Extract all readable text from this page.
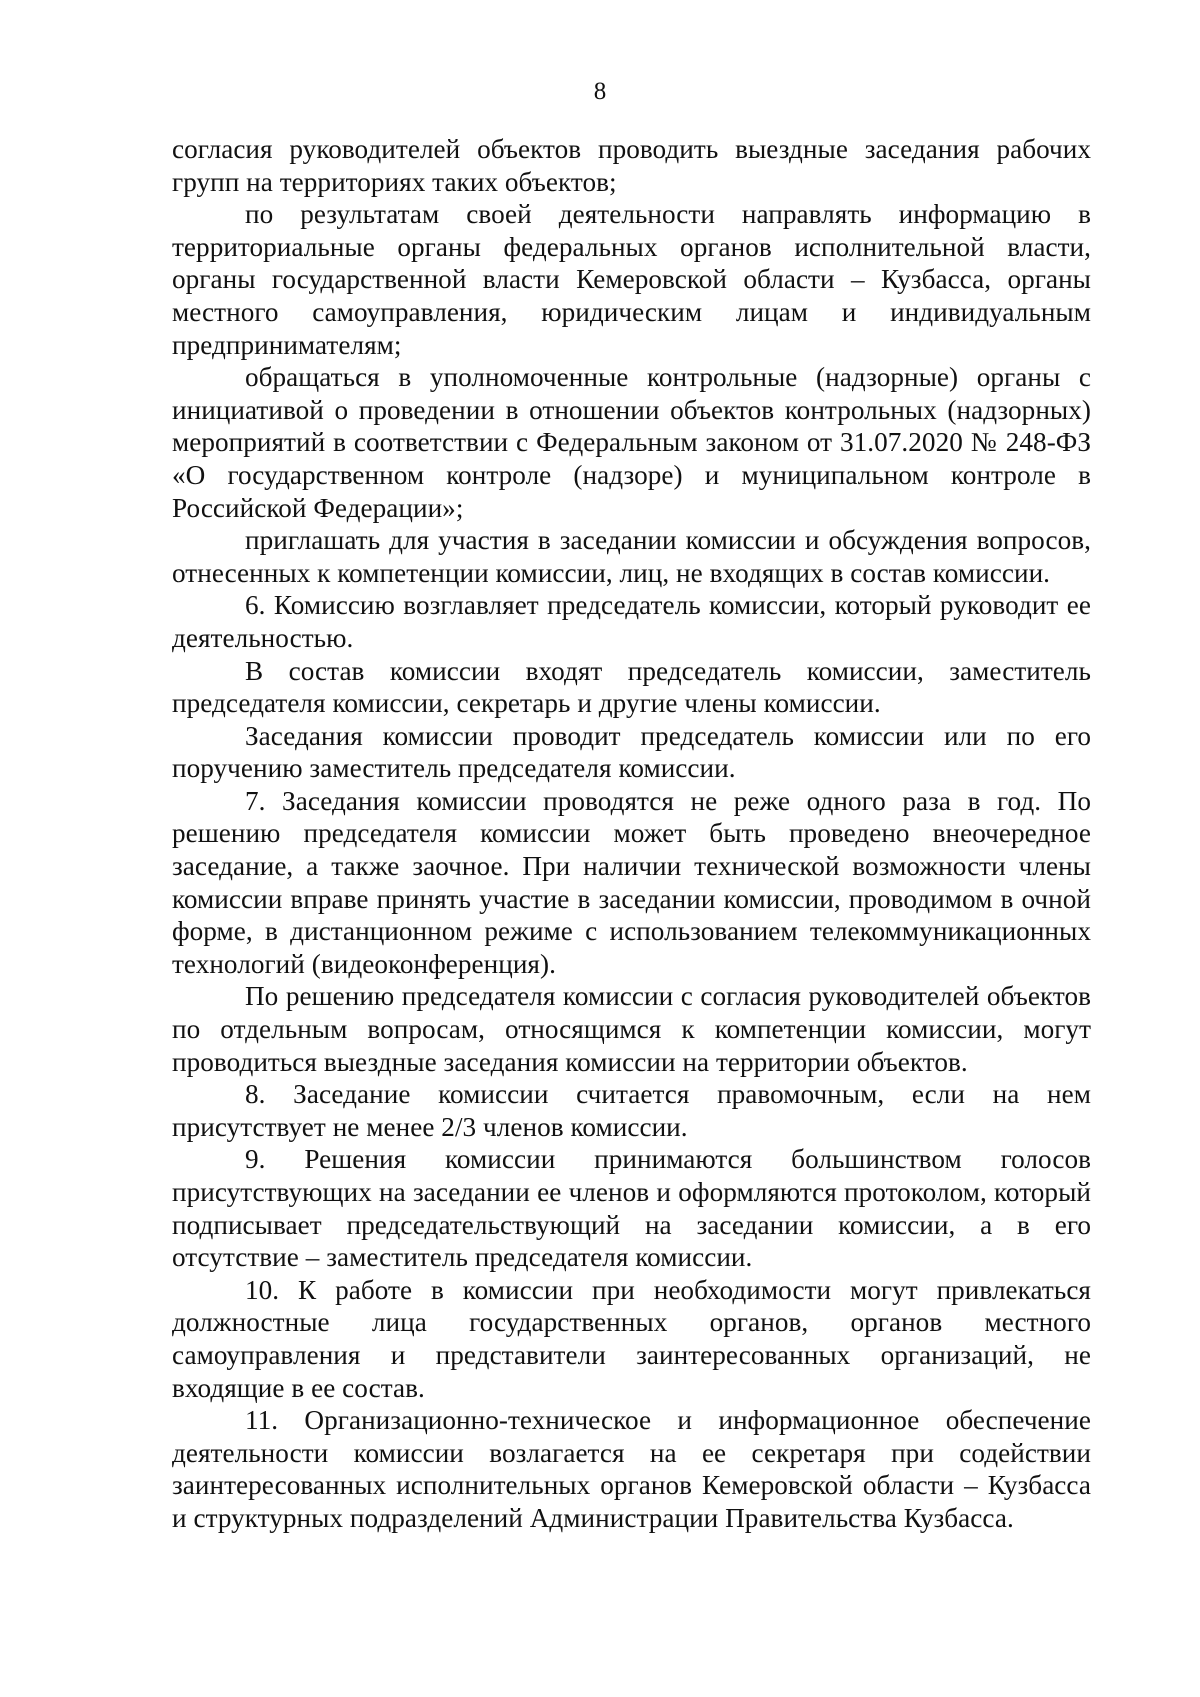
8

согласия руководителей объектов проводить выездные заседания рабочих групп на территориях таких объектов;

по результатам своей деятельности направлять информацию в территориальные органы федеральных органов исполнительной власти, органы государственной власти Кемеровской области – Кузбасса, органы местного самоуправления, юридическим лицам и индивидуальным предпринимателям;

обращаться в уполномоченные контрольные (надзорные) органы с инициативой о проведении в отношении объектов контрольных (надзорных) мероприятий в соответствии с Федеральным законом от 31.07.2020 № 248-ФЗ «О государственном контроле (надзоре) и муниципальном контроле в Российской Федерации»;

приглашать для участия в заседании комиссии и обсуждения вопросов, отнесенных к компетенции комиссии, лиц, не входящих в состав комиссии.

6. Комиссию возглавляет председатель комиссии, который руководит ее деятельностью.

В состав комиссии входят председатель комиссии, заместитель председателя комиссии, секретарь и другие члены комиссии.

Заседания комиссии проводит председатель комиссии или по его поручению заместитель председателя комиссии.

7. Заседания комиссии проводятся не реже одного раза в год. По решению председателя комиссии может быть проведено внеочередное заседание, а также заочное. При наличии технической возможности члены комиссии вправе принять участие в заседании комиссии, проводимом в очной форме, в дистанционном режиме с использованием телекоммуникационных технологий (видеоконференция).

По решению председателя комиссии с согласия руководителей объектов по отдельным вопросам, относящимся к компетенции комиссии, могут проводиться выездные заседания комиссии на территории объектов.

8. Заседание комиссии считается правомочным, если на нем присутствует не менее 2/3 членов комиссии.

9. Решения комиссии принимаются большинством голосов присутствующих на заседании ее членов и оформляются протоколом, который подписывает председательствующий на заседании комиссии, а в его отсутствие – заместитель председателя комиссии.

10. К работе в комиссии при необходимости могут привлекаться должностные лица государственных органов, органов местного самоуправления и представители заинтересованных организаций, не входящие в ее состав.

11. Организационно-техническое и информационное обеспечение деятельности комиссии возлагается на ее секретаря при содействии заинтересованных исполнительных органов Кемеровской области – Кузбасса и структурных подразделений Администрации Правительства Кузбасса.
